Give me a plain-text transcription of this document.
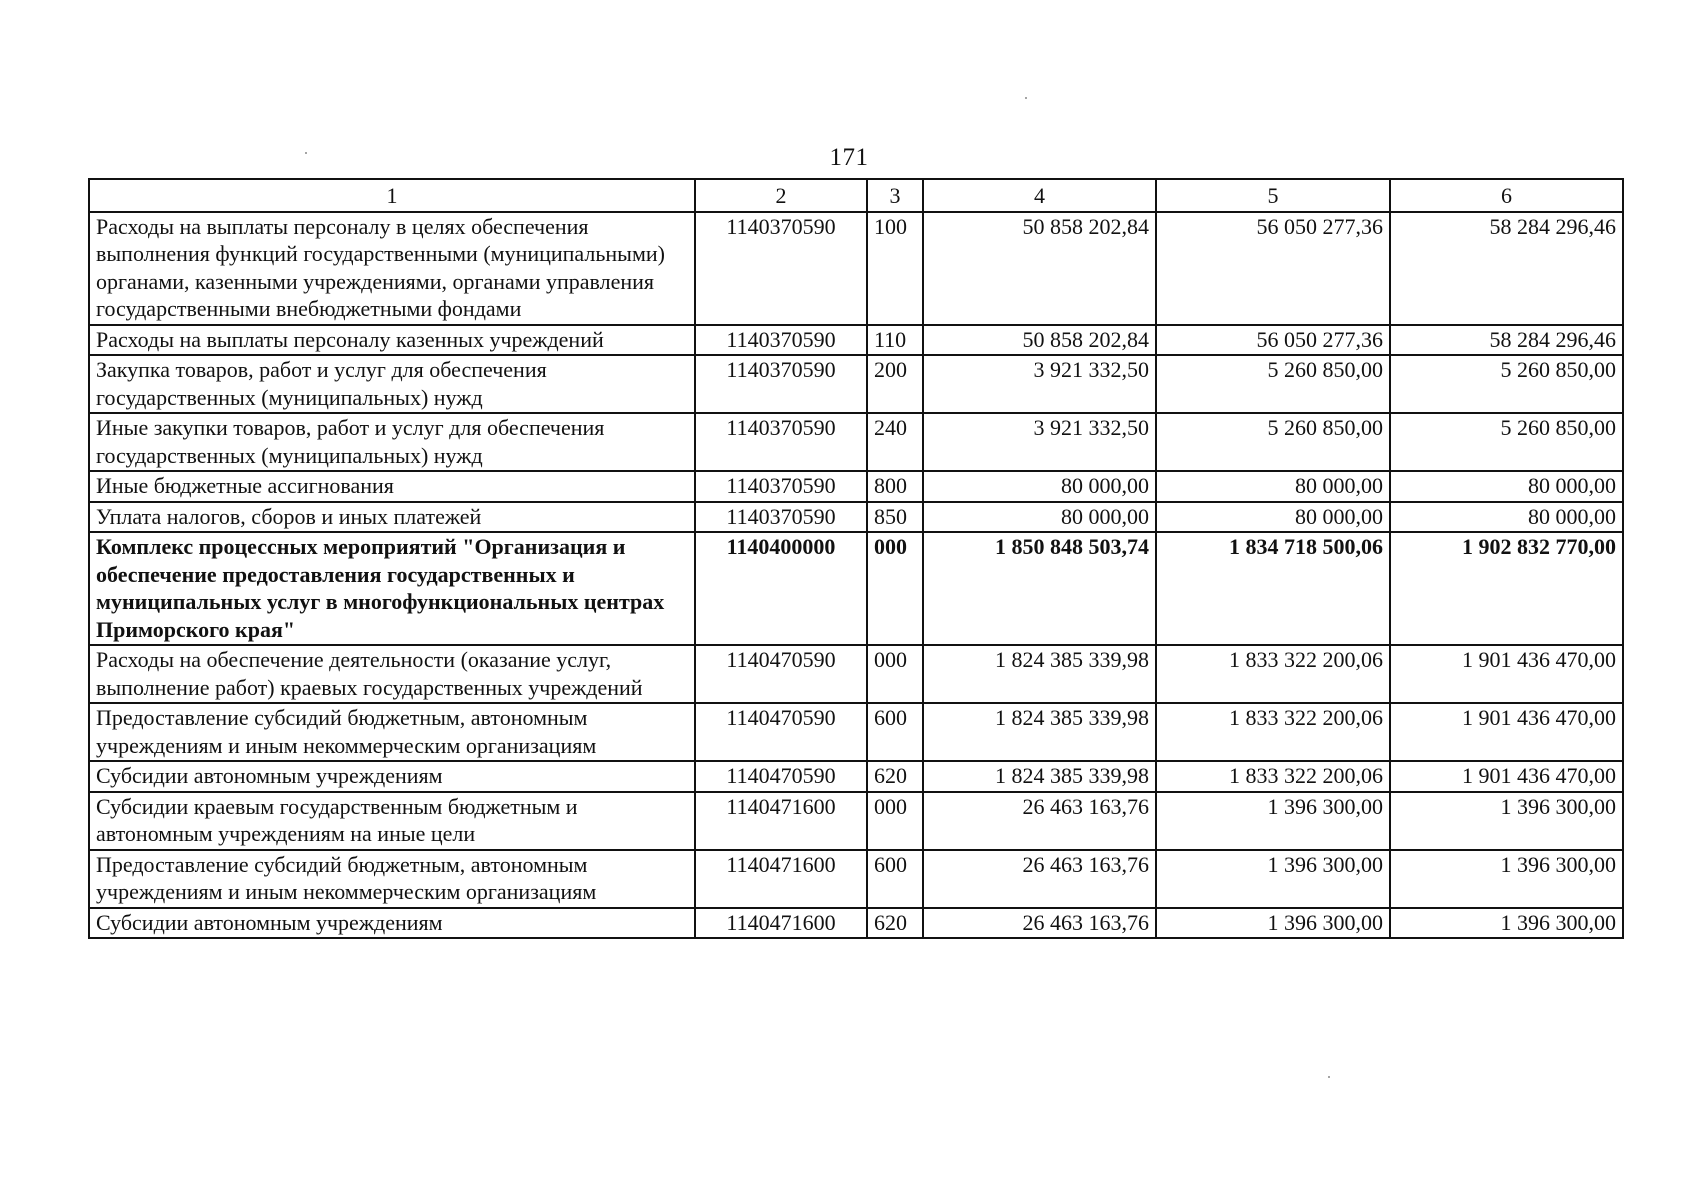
171
1	2	3	4	5	6
Расходы на выплаты персоналу в целях обеспечения выполнения функций государственными (муниципальными) органами, казенными учреждениями, органами управления государственными внебюджетными фондами	1140370590	100	50 858 202,84	56 050 277,36	58 284 296,46
Расходы на выплаты персоналу казенных учреждений	1140370590	110	50 858 202,84	56 050 277,36	58 284 296,46
Закупка товаров, работ и услуг для обеспечения государственных (муниципальных) нужд	1140370590	200	3 921 332,50	5 260 850,00	5 260 850,00
Иные закупки товаров, работ и услуг для обеспечения государственных (муниципальных) нужд	1140370590	240	3 921 332,50	5 260 850,00	5 260 850,00
Иные бюджетные ассигнования	1140370590	800	80 000,00	80 000,00	80 000,00
Уплата налогов, сборов и иных платежей	1140370590	850	80 000,00	80 000,00	80 000,00
Комплекс процессных мероприятий "Организация и обеспечение предоставления государственных и муниципальных услуг в многофункциональных центрах Приморского края"	1140400000	000	1 850 848 503,74	1 834 718 500,06	1 902 832 770,00
Расходы на обеспечение деятельности (оказание услуг, выполнение работ) краевых государственных учреждений	1140470590	000	1 824 385 339,98	1 833 322 200,06	1 901 436 470,00
Предоставление субсидий бюджетным, автономным учреждениям и иным некоммерческим организациям	1140470590	600	1 824 385 339,98	1 833 322 200,06	1 901 436 470,00
Субсидии автономным учреждениям	1140470590	620	1 824 385 339,98	1 833 322 200,06	1 901 436 470,00
Субсидии краевым государственным бюджетным и автономным учреждениям на иные цели	1140471600	000	26 463 163,76	1 396 300,00	1 396 300,00
Предоставление субсидий бюджетным, автономным учреждениям и иным некоммерческим организациям	1140471600	600	26 463 163,76	1 396 300,00	1 396 300,00
Субсидии автономным учреждениям	1140471600	620	26 463 163,76	1 396 300,00	1 396 300,00
